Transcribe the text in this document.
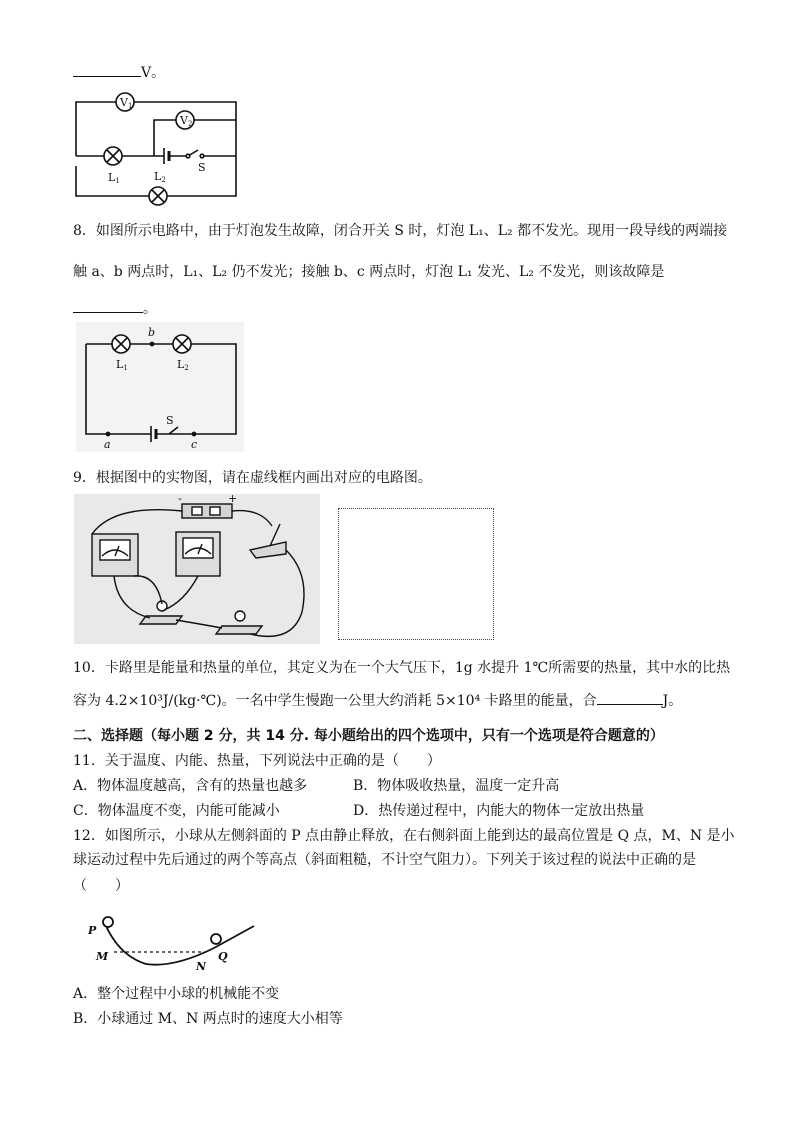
V。
V1
V2
L1	L2
S
8．如图所示电路中，由于灯泡发生故障，闭合开关 S 时，灯泡 L₁、L₂ 都不发光。现用一段导线的两端接
触 a、b 两点时，L₁、L₂ 仍不发光；接触 b、c 两点时，灯泡 L₁ 发光、L₂ 不发光，则该故障是
。
b
L1	L2
S
a	c
9．根据图中的实物图，请在虚线框内画出对应的电路图。
-	+
10．卡路里是能量和热量的单位，其定义为在一个大气压下，1g 水提升 1℃所需要的热量，其中水的比热
容为 4.2×10³J/(kg·℃)。一名中学生慢跑一公里大约消耗 5×10⁴ 卡路里的能量，合	J。
二、选择题（每小题 2 分，共 14 分. 每小题给出的四个选项中，只有一个选项是符合题意的）
11．关于温度、内能、热量，下列说法中正确的是（　　）
A．物体温度越高，含有的热量也越多	B．物体吸收热量，温度一定升高
C．物体温度不变，内能可能减小	D．热传递过程中，内能大的物体一定放出热量
12．如图所示，小球从左侧斜面的 P 点由静止释放，在右侧斜面上能到达的最高位置是 Q 点，M、N 是小
球运动过程中先后通过的两个等高点（斜面粗糙，不计空气阻力）。下列关于该过程的说法中正确的是
（　　）
P
M
N
Q
A．整个过程中小球的机械能不变
B．小球通过 M、N 两点时的速度大小相等
